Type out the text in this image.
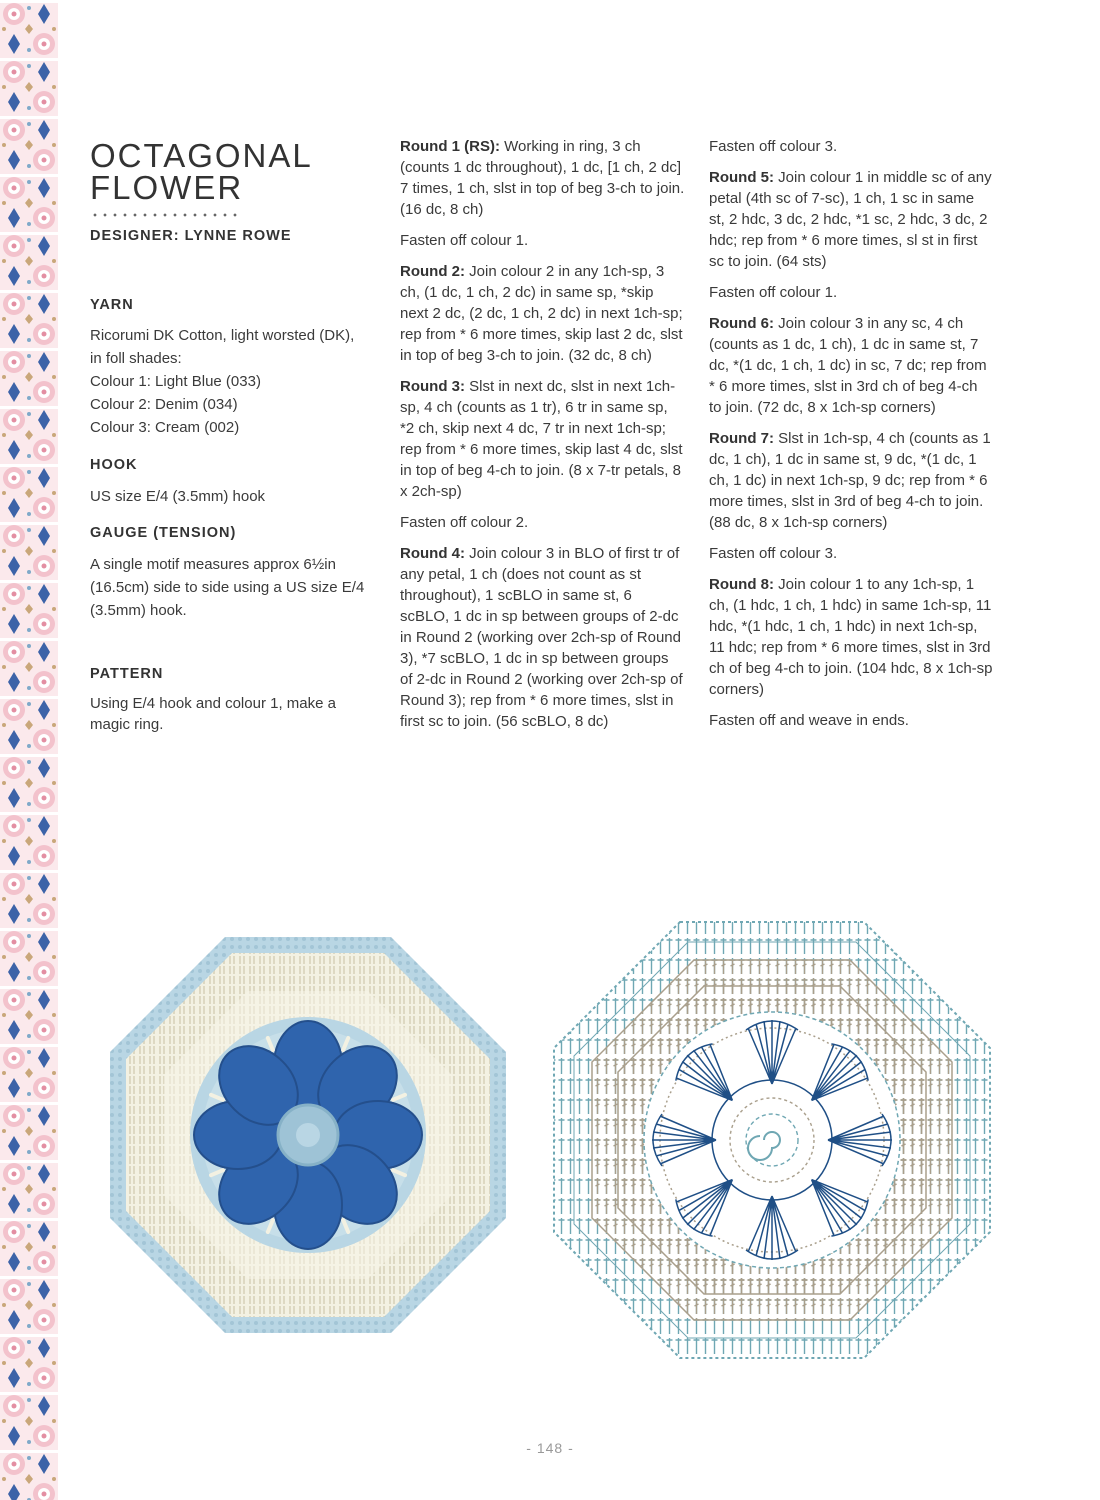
OCTAGONAL
FLOWER
DESIGNER: LYNNE ROWE
YARN
Ricorumi DK Cotton, light worsted (DK),
in foll shades:
Colour 1: Light Blue (033)
Colour 2: Denim (034)
Colour 3: Cream (002)
HOOK
US size E/4 (3.5mm) hook
GAUGE (TENSION)
A single motif measures approx 6½in (16.5cm) side to side using a US size E/4 (3.5mm) hook.
PATTERN
Using E/4 hook and colour 1, make a magic ring.

Round 1 (RS): Working in ring, 3 ch (counts 1 dc throughout), 1 dc, [1 ch, 2 dc] 7 times, 1 ch, slst in top of beg 3-ch to join. (16 dc, 8 ch)

Fasten off colour 1.

Round 2: Join colour 2 in any 1ch-sp, 3 ch, (1 dc, 1 ch, 2 dc) in same sp, *skip next 2 dc, (2 dc, 1 ch, 2 dc) in next 1ch-sp; rep from * 6 more times, skip last 2 dc, slst in top of beg 3-ch to join. (32 dc, 8 ch)

Round 3: Slst in next dc, slst in next 1ch-sp, 4 ch (counts as 1 tr), 6 tr in same sp, *2 ch, skip next 4 dc, 7 tr in next 1ch-sp; rep from * 6 more times, skip last 4 dc, slst in top of beg 4-ch to join. (8 x 7-tr petals, 8 x 2ch-sp)

Fasten off colour 2.

Round 4: Join colour 3 in BLO of first tr of any petal, 1 ch (does not count as st throughout), 1 scBLO in same st, 6 scBLO, 1 dc in sp between groups of 2-dc in Round 2 (working over 2ch-sp of Round 3), *7 scBLO, 1 dc in sp between groups of 2-dc in Round 2 (working over 2ch-sp of Round 3); rep from * 6 more times, slst in first sc to join. (56 scBLO, 8 dc)

Fasten off colour 3.

Round 5: Join colour 1 in middle sc of any petal (4th sc of 7-sc), 1 ch, 1 sc in same st, 2 hdc, 3 dc, 2 hdc, *1 sc, 2 hdc, 3 dc, 2 hdc; rep from * 6 more times, sl st in first sc to join. (64 sts)

Fasten off colour 1.

Round 6: Join colour 3 in any sc, 4 ch (counts as 1 dc, 1 ch), 1 dc in same st, 7 dc, *(1 dc, 1 ch, 1 dc) in sc, 7 dc; rep from * 6 more times, slst in 3rd ch of beg 4-ch to join. (72 dc, 8 x 1ch-sp corners)

Round 7: Slst in 1ch-sp, 4 ch (counts as 1 dc, 1 ch), 1 dc in same st, 9 dc, *(1 dc, 1 ch, 1 dc) in next 1ch-sp, 9 dc; rep from * 6 more times, slst in 3rd of beg 4-ch to join. (88 dc, 8 x 1ch-sp corners)

Fasten off colour 3.

Round 8: Join colour 1 to any 1ch-sp, 1 ch, (1 hdc, 1 ch, 1 hdc) in same 1ch-sp, 11 hdc, *(1 hdc, 1 ch, 1 hdc) in next 1ch-sp, 11 hdc; rep from * 6 more times, slst in 3rd ch of beg 4-ch to join. (104 hdc, 8 x 1ch-sp corners)

Fasten off and weave in ends.

- 148 -
